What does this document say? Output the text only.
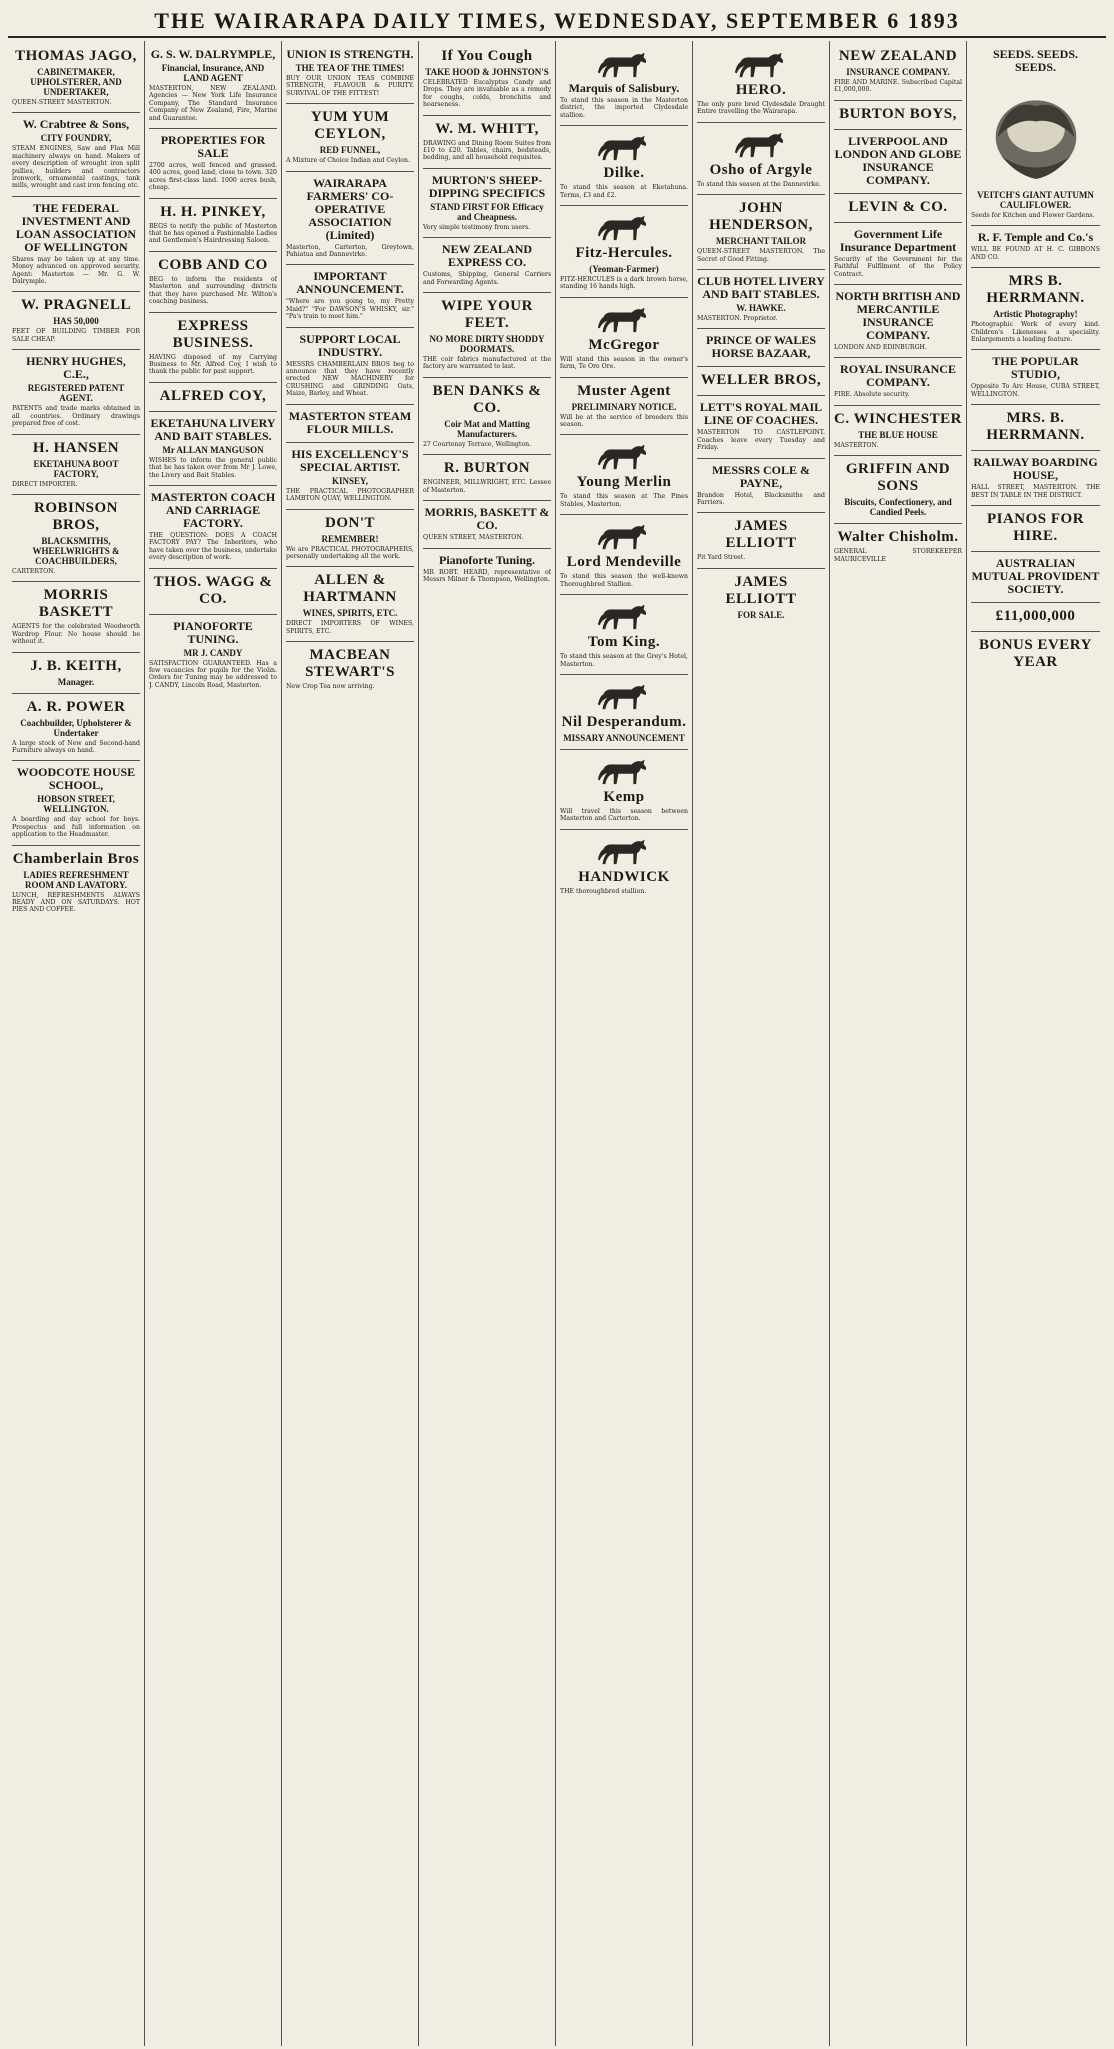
THE WAIRARAPA DAILY TIMES, WEDNESDAY, SEPTEMBER 6 1893
THOMAS JAGO,
CABINETMAKER, UPHOLSTERER, AND UNDERTAKER,
QUEEN-STREET MASTERTON.
W. Crabtree & Sons,
CITY FOUNDRY,
STEAM ENGINES, Saw and Flax Mill machinery always on hand. Makers of every description of wrought iron split pullies, builders and contractors ironwork, ornamental castings, tank mills, wrought and cast iron fencing etc.
THE FEDERAL INVESTMENT AND LOAN ASSOCIATION OF WELLINGTON
Shares may be taken up at any time. Money advanced on approved security. Agent: Masterton — Mr. G. W. Dalrymple.
W. PRAGNELL
HAS 50,000
FEET OF BUILDING TIMBER FOR SALE CHEAP.
HENRY HUGHES, C.E.,
REGISTERED PATENT AGENT.
PATENTS and trade marks obtained in all countries. Ordinary drawings prepared free of cost.
H. HANSEN
EKETAHUNA BOOT FACTORY,
DIRECT IMPORTER.
ROBINSON BROS,
BLACKSMITHS, WHEELWRIGHTS & COACHBUILDERS,
CARTERTON.
MORRIS BASKETT
AGENTS for the celebrated Woodworth Wardrop Flour. No house should be without it.
J. B. KEITH,
Manager.
A. R. POWER
Coachbuilder, Upholsterer & Undertaker
A large stock of New and Second-hand Furniture always on hand.
WOODCOTE HOUSE SCHOOL,
HOBSON STREET, WELLINGTON.
A boarding and day school for boys. Prospectus and full information on application to the Headmaster.
Chamberlain Bros
LADIES REFRESHMENT ROOM AND LAVATORY.
LUNCH, REFRESHMENTS ALWAYS READY AND ON SATURDAYS. HOT PIES AND COFFEE.
G. S. W. DALRYMPLE,
Financial, Insurance, AND LAND AGENT
MASTERTON, NEW ZEALAND. Agencies — New York Life Insurance Company, The Standard Insurance Company of New Zealand, Fire, Marine and Guarantee.
PROPERTIES FOR SALE
2700 acres, well fenced and grassed. 400 acres, good land, close to town. 320 acres first-class land. 1000 acres bush, cheap.
H. H. PINKEY,
BEGS to notify the public of Masterton that he has opened a Fashionable Ladies and Gentlemen's Hairdressing Saloon.
COBB AND CO
BEG to inform the residents of Masterton and surrounding districts that they have purchased Mr. Wilton's coaching business.
EXPRESS BUSINESS.
HAVING disposed of my Carrying Business to Mr. Alfred Coy, I wish to thank the public for past support.
ALFRED COY,
EKETAHUNA LIVERY AND BAIT STABLES.
Mr ALLAN MANGUSON
WISHES to inform the general public that he has taken over from Mr J. Lowe, the Livery and Bait Stables.
MASTERTON COACH AND CARRIAGE FACTORY.
THE QUESTION: DOES A COACH FACTORY PAY? The Inheritors, who have taken over the business, undertake every description of work.
THOS. WAGG & CO.
PIANOFORTE TUNING.
MR J. CANDY
SATISFACTION GUARANTEED. Has a few vacancies for pupils for the Violin. Orders for Tuning may be addressed to J. CANDY, Lincoln Road, Masterton.
UNION IS STRENGTH.
THE TEA OF THE TIMES!
BUY OUR UNION TEAS COMBINE STRENGTH, FLAVOUR & PURITY. SURVIVAL OF THE FITTEST!
YUM YUM CEYLON,
RED FUNNEL,
A Mixture of Choice Indian and Ceylon.
WAIRARAPA FARMERS' CO-OPERATIVE ASSOCIATION (Limited)
Masterton, Carterton, Greytown, Pahiatua and Dannevirke.
IMPORTANT ANNOUNCEMENT.
"Where are you going to, my Pretty Maid?" "For DAWSON'S WHISKY, sir." "Pa's train to meet him."
SUPPORT LOCAL INDUSTRY.
MESSRS CHAMBERLAIN BROS beg to announce that they have recently erected NEW MACHINERY for CRUSHING and GRINDING Oats, Maize, Barley, and Wheat.
MASTERTON STEAM FLOUR MILLS.
HIS EXCELLENCY'S SPECIAL ARTIST.
KINSEY,
THE PRACTICAL PHOTOGRAPHER LAMBTON QUAY, WELLINGTON.
DON'T
REMEMBER!
We are PRACTICAL PHOTOGRAPHERS, personally undertaking all the work.
ALLEN & HARTMANN
WINES, SPIRITS, ETC.
DIRECT IMPORTERS OF WINES, SPIRITS, ETC.
MACBEAN STEWART'S
New Crop Tea now arriving.
If You Cough
TAKE HOOD & JOHNSTON'S
CELEBRATED Eucalyptus Candy and Drops. They are invaluable as a remedy for coughs, colds, bronchitis and hoarseness.
W. M. WHITT,
DRAWING and Dining Room Suites from £10 to £20. Tables, chairs, bedsteads, bedding, and all household requisites.
MURTON'S SHEEP-DIPPING SPECIFICS
STAND FIRST FOR Efficacy and Cheapness.
Very simple testimony from users.
NEW ZEALAND EXPRESS CO.
Customs, Shipping, General Carriers and Forwarding Agents.
WIPE YOUR FEET.
NO MORE DIRTY SHODDY DOORMATS.
THE coir fabrics manufactured at the factory are warranted to last.
BEN DANKS & CO.
Coir Mat and Matting Manufacturers.
27 Courtenay Terrace, Wellington.
R. BURTON
ENGINEER, MILLWRIGHT, ETC. Lessee of Masterton.
MORRIS, BASKETT & CO.
QUEEN STREET, MASTERTON.
Pianoforte Tuning.
MR ROBT. HEARD, representative of Messrs Milner & Thompson, Wellington.
Marquis of Salisbury.
To stand this season in the Masterton district, the imported Clydesdale stallion.
Dilke.
To stand this season at Eketahuna. Terms, £3 and £2.
Fitz-Hercules.
(Yeoman-Farmer)
FITZ-HERCULES is a dark brown horse, standing 16 hands high.
McGregor
Will stand this season in the owner's farm, Te Ore Ore.
Muster Agent
PRELIMINARY NOTICE.
Will be at the service of breeders this season.
Young Merlin
To stand this season at The Pines Stables, Masterton.
Lord Mendeville
To stand this season the well-known Thoroughbred Stallion.
Tom King.
To stand this season at the Grey's Hotel, Masterton.
Nil Desperandum.
MISSARY ANNOUNCEMENT
Kemp
Will travel this season between Masterton and Carterton.
HANDWICK
THE thoroughbred stallion.
HERO.
The only pure bred Clydesdale Draught Entire travelling the Wairarapa.
Osho of Argyle
To stand this season at the Dannevirke.
JOHN HENDERSON,
MERCHANT TAILOR
QUEEN-STREET MASTERTON. The Secret of Good Fitting.
CLUB HOTEL LIVERY AND BAIT STABLES.
W. HAWKE.
MASTERTON. Proprietor.
PRINCE OF WALES HORSE BAZAAR,
WELLER BROS,
LETT'S ROYAL MAIL LINE OF COACHES.
MASTERTON TO CASTLEPOINT. Coaches leave every Tuesday and Friday.
MESSRS COLE & PAYNE,
Brandon Hotel, Blacksmiths and Farriers.
JAMES ELLIOTT
Pit Yard Street.
JAMES ELLIOTT
FOR SALE.
NEW ZEALAND
INSURANCE COMPANY.
FIRE AND MARINE. Subscribed Capital £1,000,000.
BURTON BOYS,
LIVERPOOL AND LONDON AND GLOBE INSURANCE COMPANY.
LEVIN & CO.
Government Life Insurance Department
Security of the Government for the Faithful Fulfilment of the Policy Contract.
NORTH BRITISH AND MERCANTILE INSURANCE COMPANY.
LONDON AND EDINBURGH.
ROYAL INSURANCE COMPANY.
FIRE. Absolute security.
C. WINCHESTER
THE BLUE HOUSE
MASTERTON.
GRIFFIN AND SONS
Biscuits, Confectionery, and Candied Peels.
Walter Chisholm.
GENERAL STOREKEEPER MAURICEVILLE
SEEDS. SEEDS. SEEDS.
VEITCH'S GIANT AUTUMN CAULIFLOWER.
Seeds for Kitchen and Flower Gardens.
R. F. Temple and Co.'s
WILL BE FOUND AT H. C. GIBBONS AND CO.
MRS B. HERRMANN.
Artistic Photography!
Photographic Work of every kind. Children's Likenesses a speciality. Enlargements a leading feature.
THE POPULAR STUDIO,
Opposite To Arc House, CUBA STREET, WELLINGTON.
MRS. B. HERRMANN.
RAILWAY BOARDING HOUSE,
HALL STREET, MASTERTON. THE BEST IN TABLE IN THE DISTRICT.
PIANOS FOR HIRE.
AUSTRALIAN MUTUAL PROVIDENT SOCIETY.
£11,000,000
BONUS EVERY YEAR
